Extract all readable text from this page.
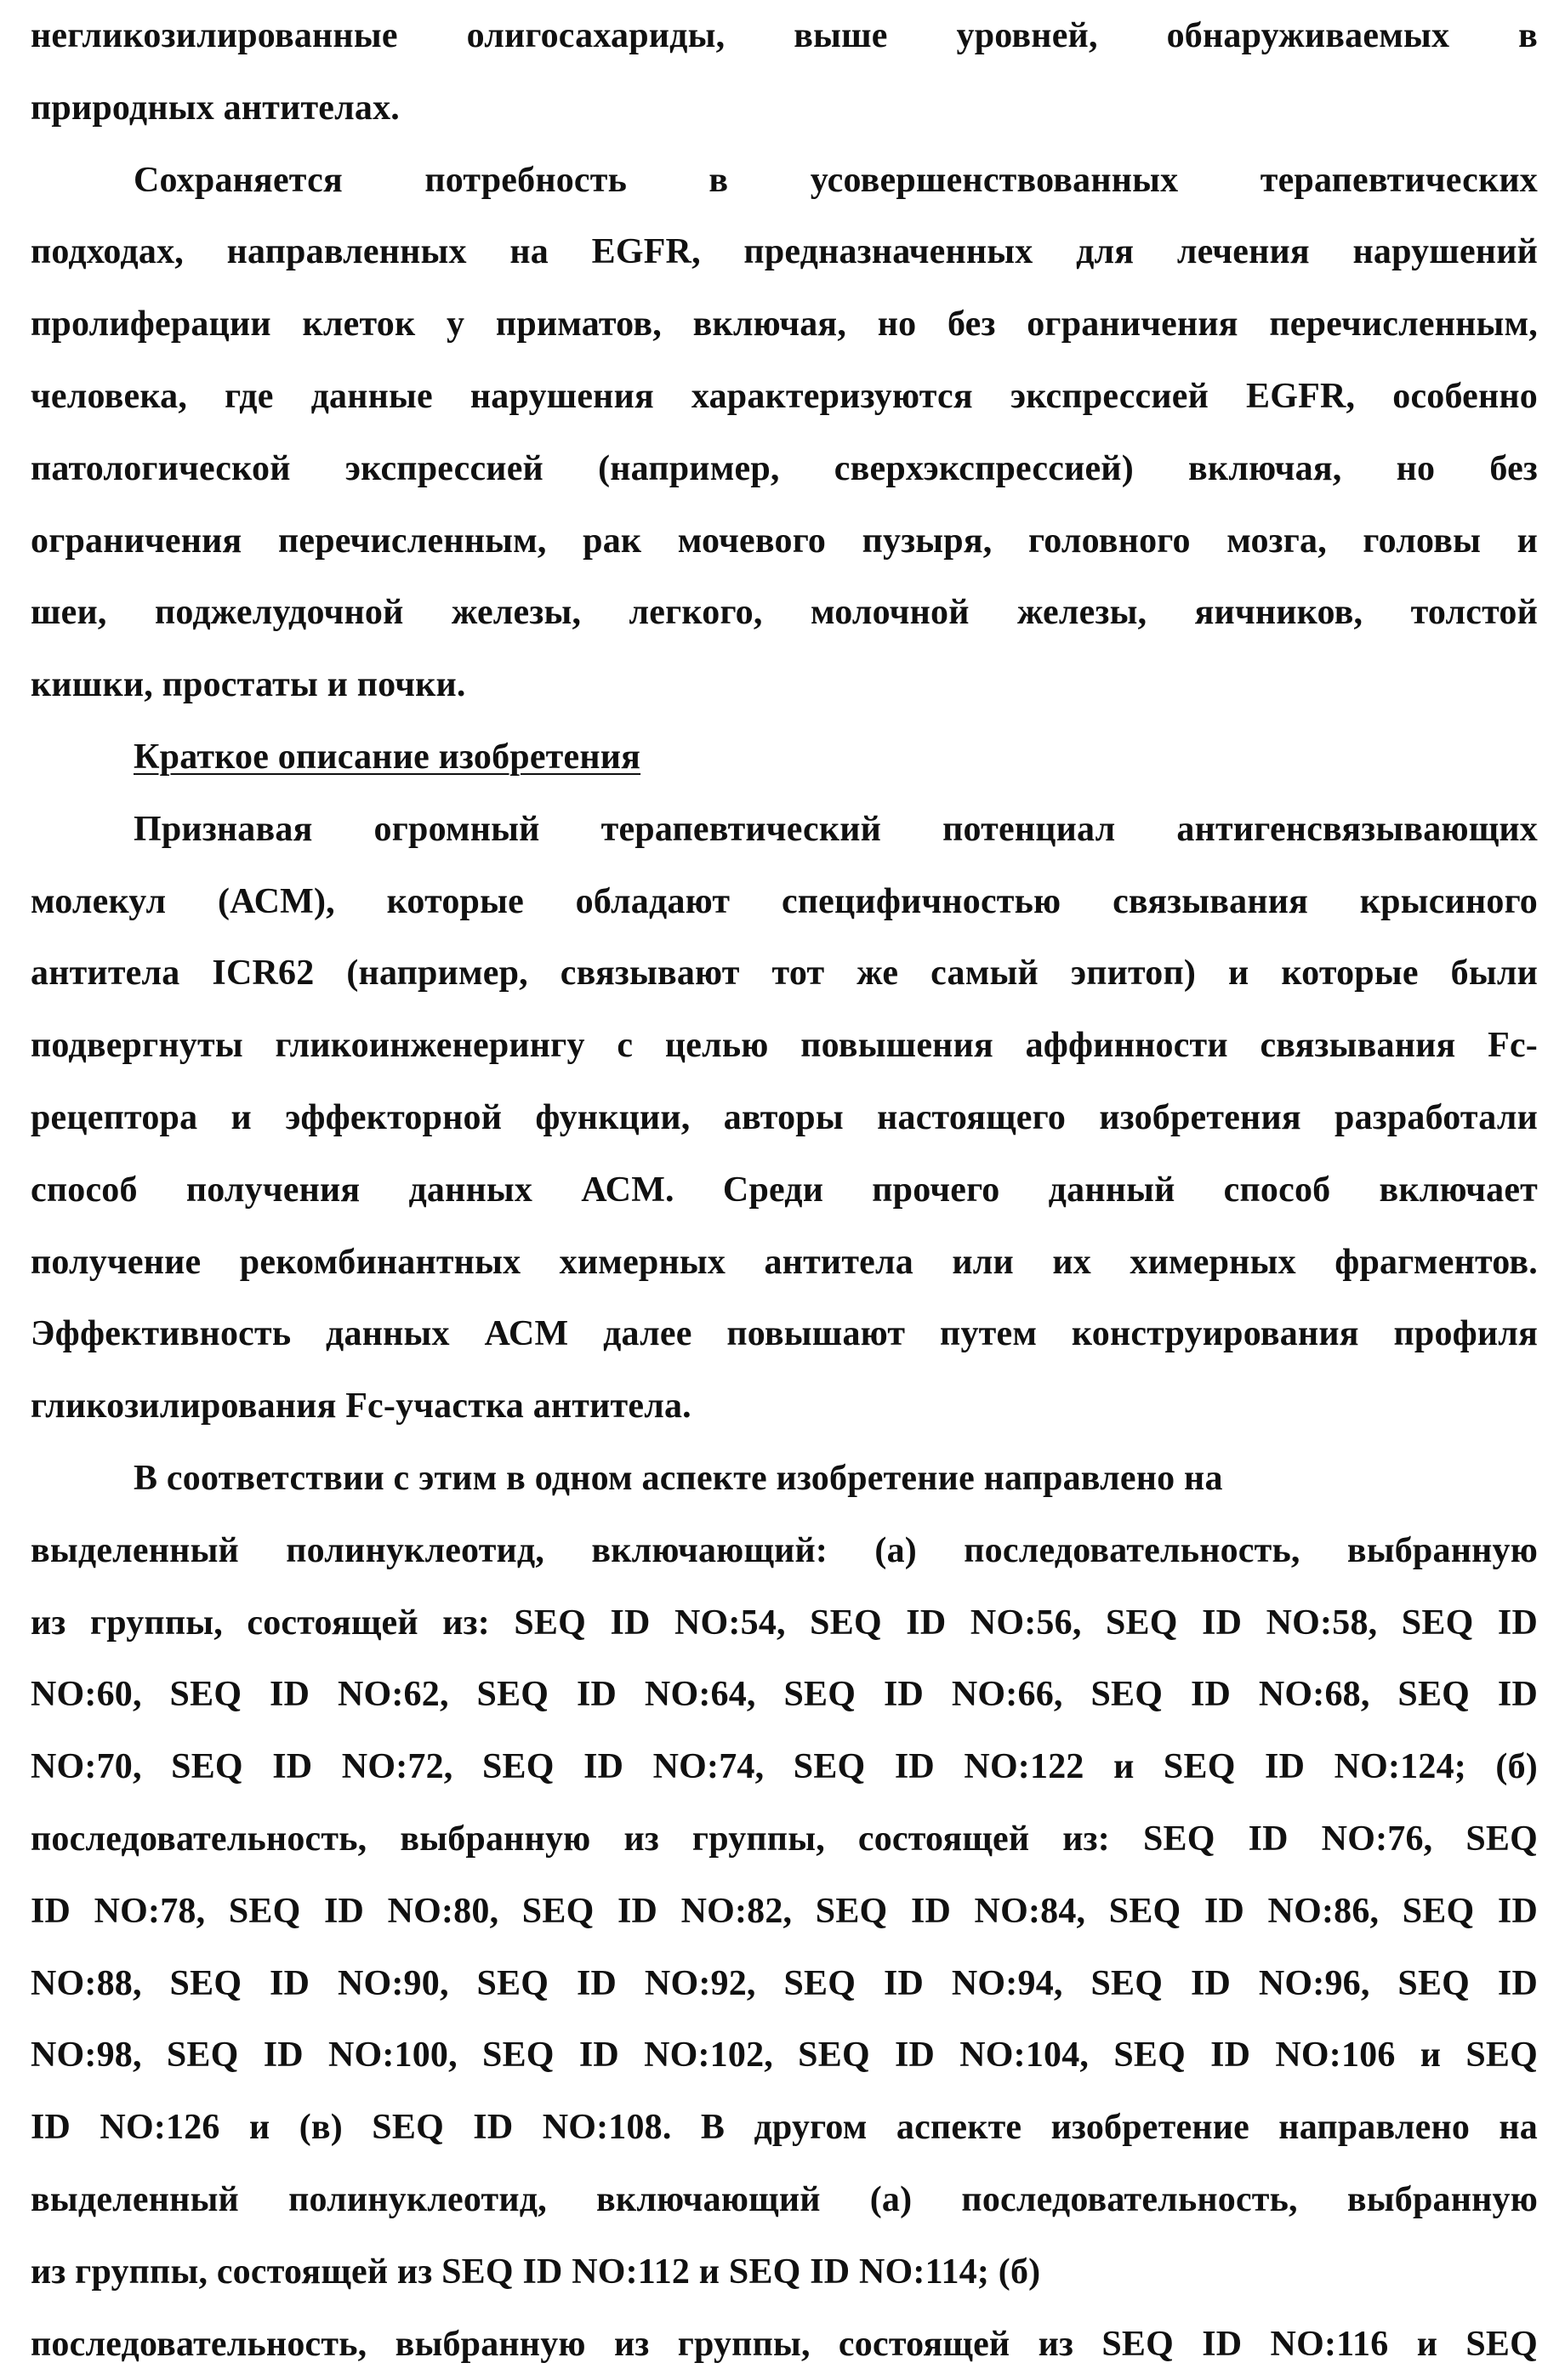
негликозилированные олигосахариды, выше уровней, обнаруживаемых в
природных антителах.
Сохраняется потребность в усовершенствованных терапевтических
подходах, направленных на EGFR, предназначенных для лечения нарушений
пролиферации клеток у приматов, включая, но без ограничения перечисленным,
человека, где данные нарушения характеризуются экспрессией EGFR, особенно
патологической экспрессией (например, сверхэкспрессией) включая, но без
ограничения перечисленным, рак мочевого пузыря, головного мозга, головы и
шеи, поджелудочной железы, легкого, молочной железы, яичников, толстой
кишки, простаты и почки.
Краткое описание изобретения
Признавая огромный терапевтический потенциал антигенсвязывающих
молекул (АСМ), которые обладают специфичностью связывания крысиного
антитела ICR62 (например, связывают тот же самый эпитоп) и которые были
подвергнуты гликоинженерингу с целью повышения аффинности связывания Fc-
рецептора и эффекторной функции, авторы настоящего изобретения разработали
способ получения данных АСМ. Среди прочего данный способ включает
получение рекомбинантных химерных антитела или их химерных фрагментов.
Эффективность данных АСМ далее повышают путем конструирования профиля
гликозилирования Fc-участка антитела.
В соответствии с этим в одном аспекте изобретение направлено на
выделенный полинуклеотид, включающий: (а) последовательность, выбранную
из группы, состоящей из: SEQ ID NO:54, SEQ ID NO:56, SEQ ID NO:58, SEQ ID
NO:60, SEQ ID NO:62, SEQ ID NO:64, SEQ ID NO:66, SEQ ID NO:68, SEQ ID
NO:70, SEQ ID NO:72, SEQ ID NO:74, SEQ ID NO:122 и SEQ ID NO:124; (б)
последовательность, выбранную из группы, состоящей из: SEQ ID NO:76, SEQ
ID NO:78, SEQ ID NO:80, SEQ ID NO:82, SEQ ID NO:84, SEQ ID NO:86, SEQ ID
NO:88, SEQ ID NO:90, SEQ ID NO:92, SEQ ID NO:94, SEQ ID NO:96, SEQ ID
NO:98, SEQ ID NO:100, SEQ ID NO:102, SEQ ID NO:104, SEQ ID NO:106 и SEQ
ID NO:126 и (в) SEQ ID NO:108. В другом аспекте изобретение направлено на
выделенный полинуклеотид, включающий (а) последовательность, выбранную
из группы, состоящей из SEQ ID NO:112 и SEQ ID NO:114; (б)
последовательность, выбранную из группы, состоящей из SEQ ID NO:116 и SEQ
